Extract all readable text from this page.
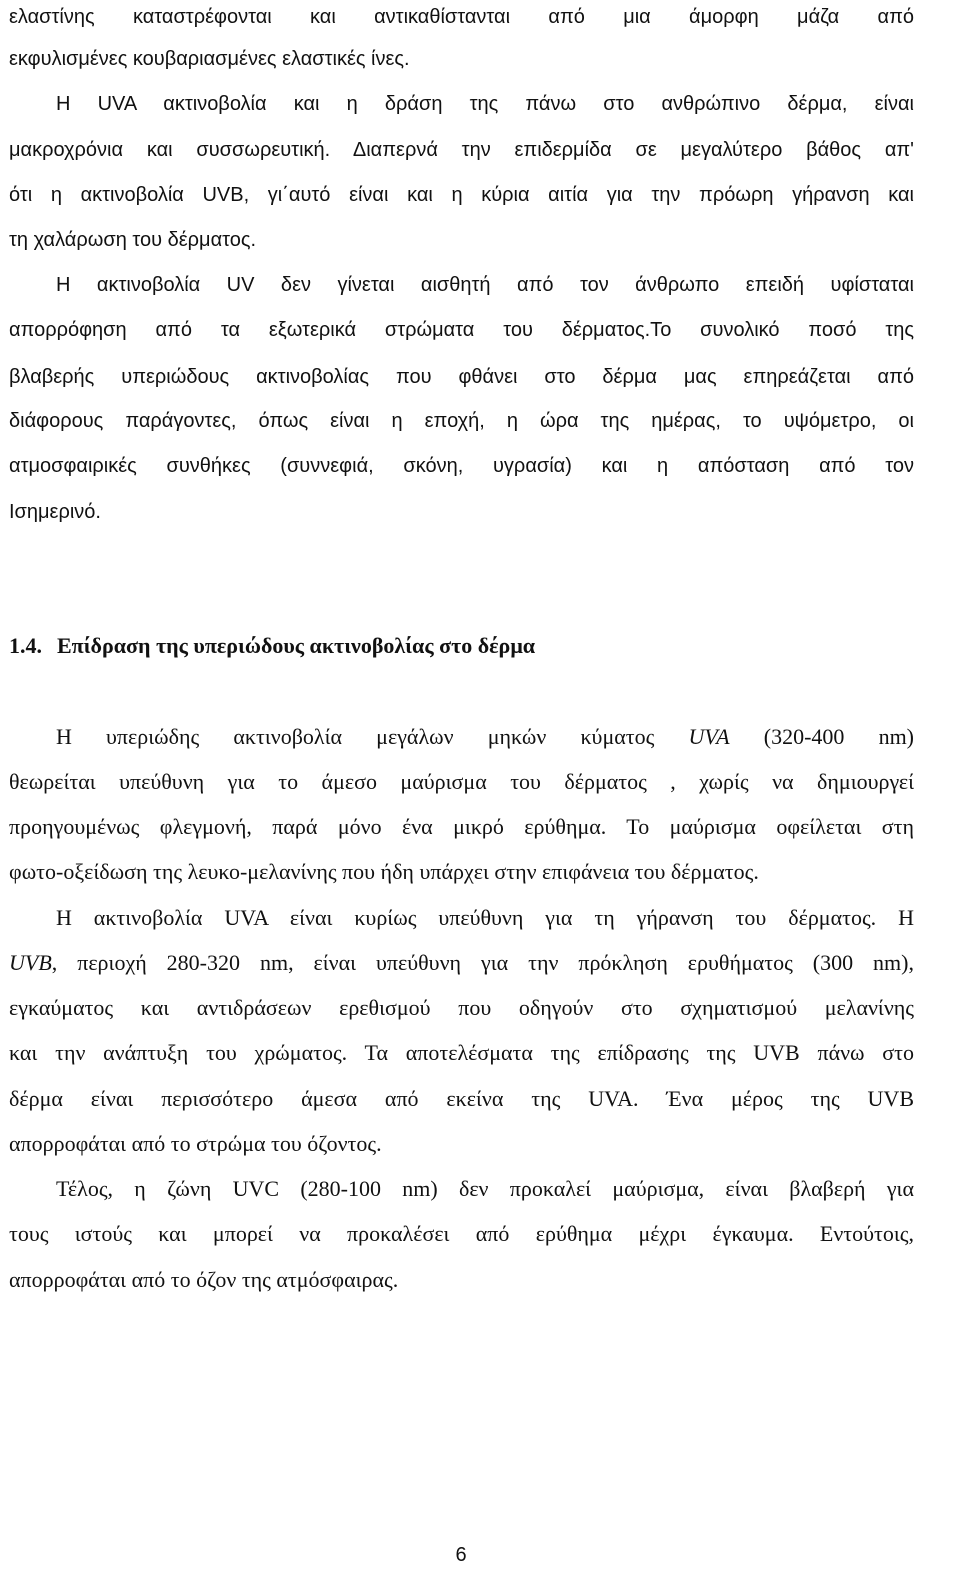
ελαστίνης καταστρέφονται και αντικαθίστανται από μια άμορφη μάζα από
εκφυλισμένες κουβαριασμένες ελαστικές ίνες.
Η UVA ακτινοβολία και η δράση της πάνω στο ανθρώπινο δέρμα, είναι
μακροχρόνια και συσσωρευτική. Διαπερνά την επιδερμίδα σε μεγαλύτερο βάθος απ'
ότι η ακτινοβολία UVB, γι΄αυτό είναι και η κύρια αιτία για την πρόωρη γήρανση και
τη χαλάρωση του δέρματος.
Η ακτινοβολία UV δεν γίνεται αισθητή από τον άνθρωπο επειδή υφίσταται
απορρόφηση από τα εξωτερικά στρώματα του δέρματος.Το συνολικό ποσό της
βλαβερής υπεριώδους ακτινοβολίας που φθάνει στο δέρμα μας επηρεάζεται από
διάφορους παράγοντες, όπως είναι η εποχή, η ώρα της ημέρας, το υψόμετρο, οι
ατμοσφαιρικές συνθήκες (συννεφιά, σκόνη, υγρασία) και η απόσταση από τον
Ισημερινό.
1.4. Επίδραση της υπεριώδους ακτινοβολίας στο δέρμα
Η υπεριώδης ακτινοβολία μεγάλων μηκών κύματος UVA (320-400 nm)
θεωρείται υπεύθυνη για το άμεσο μαύρισμα του δέρματος , χωρίς να δημιουργεί
προηγουμένως φλεγμονή, παρά μόνο ένα μικρό ερύθημα. Το μαύρισμα οφείλεται στη
φωτο-οξείδωση της λευκο-μελανίνης που ήδη υπάρχει στην επιφάνεια του δέρματος.
Η ακτινοβολία UVA είναι κυρίως υπεύθυνη για τη γήρανση του δέρματος. Η
UVB, περιοχή 280-320 nm, είναι υπεύθυνη για την πρόκληση ερυθήματος (300 nm),
εγκαύματος και αντιδράσεων ερεθισμού που οδηγούν στο σχηματισμού μελανίνης
και την ανάπτυξη του χρώματος. Τα αποτελέσματα της επίδρασης της UVB πάνω στο
δέρμα είναι περισσότερο άμεσα από εκείνα της UVA. Ένα μέρος της UVB
απορροφάται από το στρώμα του όζοντος.
Τέλος, η ζώνη UVC (280-100 nm) δεν προκαλεί μαύρισμα, είναι βλαβερή για
τους ιστούς και μπορεί να προκαλέσει από ερύθημα μέχρι έγκαυμα. Εντούτοις,
απορροφάται από το όζον της ατμόσφαιρας.
6
